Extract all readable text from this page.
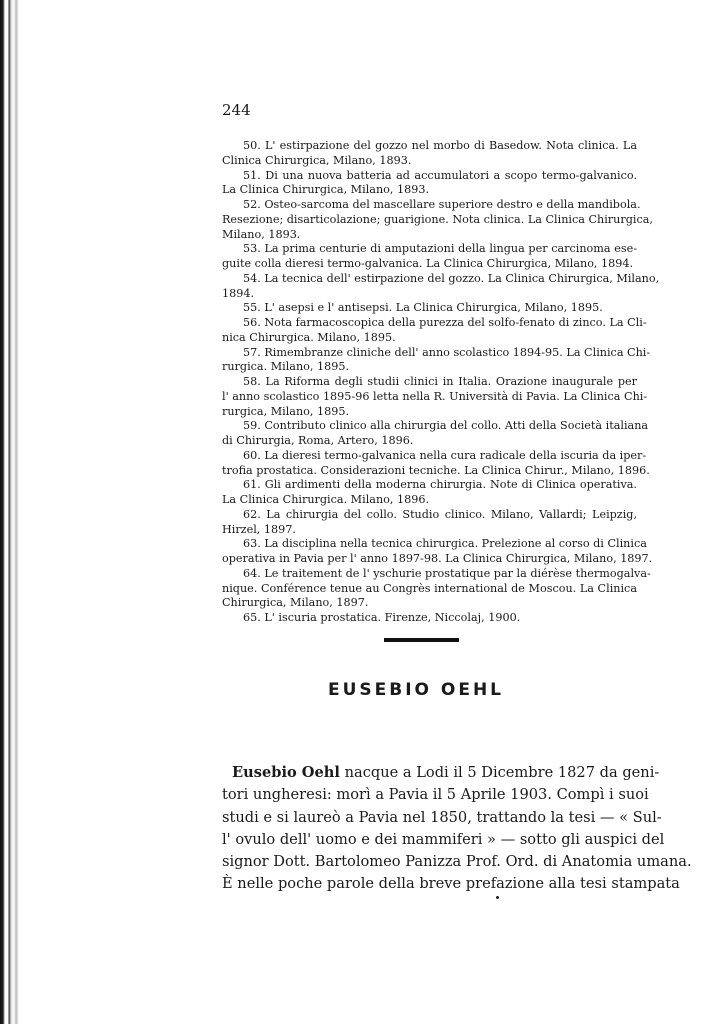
244
50. L' estirpazione del gozzo nel morbo di Basedow. Nota clinica. La
Clinica Chirurgica, Milano, 1893.
51. Di una nuova batteria ad accumulatori a scopo termo-galvanico.
La Clinica Chirurgica, Milano, 1893.
52. Osteo-sarcoma del mascellare superiore destro e della mandibola.
Resezione; disarticolazione; guarigione. Nota clinica. La Clinica Chirurgica,
Milano, 1893.
53. La prima centurie di amputazioni della lingua per carcinoma ese-
guite colla dieresi termo-galvanica. La Clinica Chirurgica, Milano, 1894.
54. La tecnica dell' estirpazione del gozzo. La Clinica Chirurgica, Milano,
1894.
55. L' asepsi e l' antisepsi. La Clinica Chirurgica, Milano, 1895.
56. Nota farmacoscopica della purezza del solfo-fenato di zinco. La Cli-
nica Chirurgica. Milano, 1895.
57. Rimembranze cliniche dell' anno scolastico 1894-95. La Clinica Chi-
rurgica. Milano, 1895.
58. La Riforma degli studii clinici in Italia. Orazione inaugurale per
l' anno scolastico 1895-96 letta nella R. Università di Pavia. La Clinica Chi-
rurgica, Milano, 1895.
59. Contributo clinico alla chirurgia del collo. Atti della Società italiana
di Chirurgia, Roma, Artero, 1896.
60. La dieresi termo-galvanica nella cura radicale della iscuria da iper-
trofia prostatica. Considerazioni tecniche. La Clinica Chirur., Milano, 1896.
61. Gli ardimenti della moderna chirurgia. Note di Clinica operativa.
La Clinica Chirurgica. Milano, 1896.
62. La chirurgia del collo. Studio clinico. Milano, Vallardi; Leipzig,
Hirzel, 1897.
63. La disciplina nella tecnica chirurgica. Prelezione al corso di Clinica
operativa in Pavia per l' anno 1897-98. La Clinica Chirurgica, Milano, 1897.
64. Le traitement de l' yschurie prostatique par la diérèse thermogalva-
nique. Conférence tenue au Congrès international de Moscou. La Clinica
Chirurgica, Milano, 1897.
65. L' iscuria prostatica. Firenze, Niccolaj, 1900.
EUSEBIO OEHL
Eusebio Oehl nacque a Lodi il 5 Dicembre 1827 da geni-
tori ungheresi: morì a Pavia il 5 Aprile 1903. Compì i suoi
studi e si laureò a Pavia nel 1850, trattando la tesi — « Sul-
l' ovulo dell' uomo e dei mammiferi » — sotto gli auspici del
signor Dott. Bartolomeo Panizza Prof. Ord. di Anatomia umana.
È nelle poche parole della breve prefazione alla tesi stampata
